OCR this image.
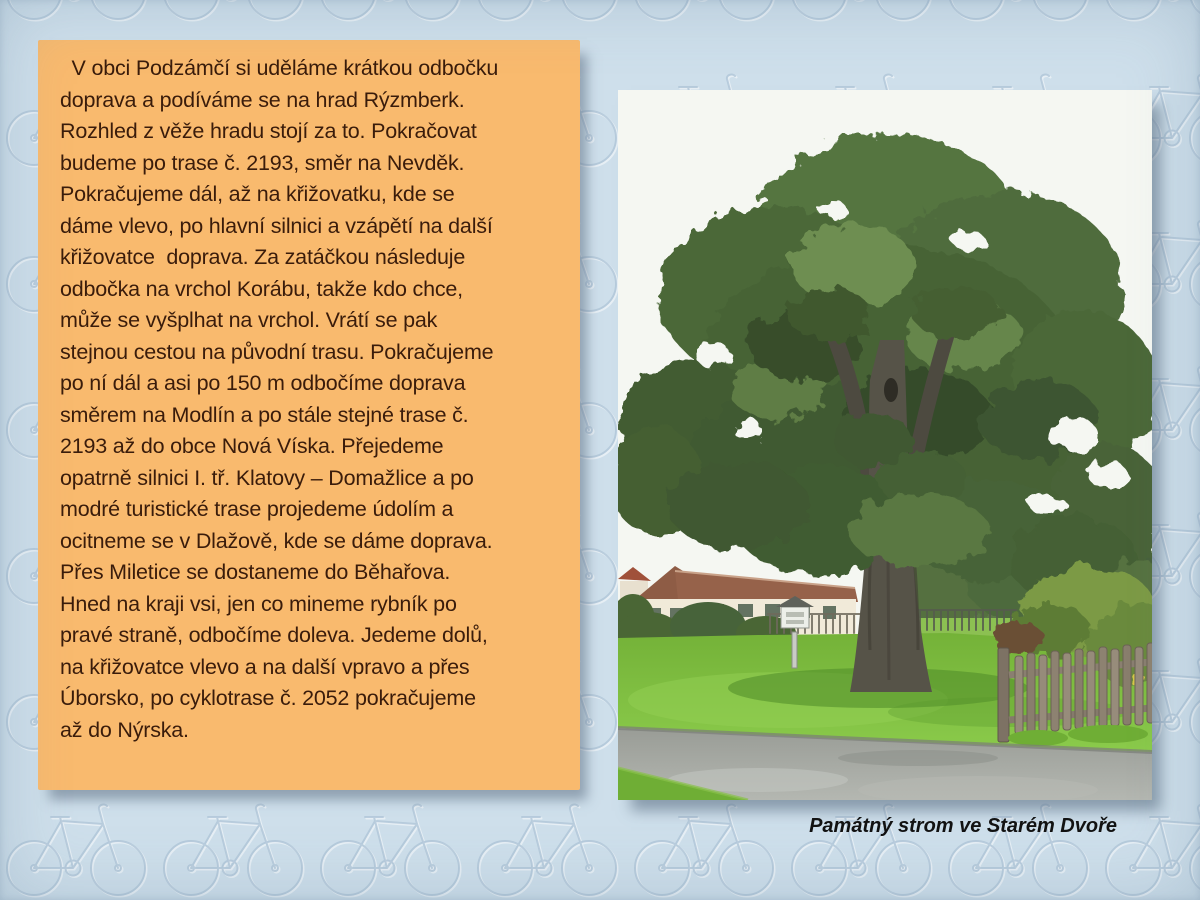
V obci Podzámčí si uděláme krátkou odbočku
doprava a podíváme se na hrad Rýzmberk.
Rozhled z věže hradu stojí za to. Pokračovat
budeme po trase č. 2193, směr na Nevděk.
Pokračujeme dál, až na křižovatku, kde se
dáme vlevo, po hlavní silnici a vzápětí na další
křižovatce  doprava. Za zatáčkou následuje
odbočka na vrchol Korábu, takže kdo chce,
může se vyšplhat na vrchol. Vrátí se pak
stejnou cestou na původní trasu. Pokračujeme
po ní dál a asi po 150 m odbočíme doprava
směrem na Modlín a po stále stejné trase č.
2193 až do obce Nová Víska. Přejedeme
opatrně silnici I. tř. Klatovy – Domažlice a po
modré turistické trase projedeme údolím a
ocitneme se v Dlažově, kde se dáme doprava.
Přes Miletice se dostaneme do Běhařova.
Hned na kraji vsi, jen co mineme rybník po
pravé straně, odbočíme doleva. Jedeme dolů,
na křižovatce vlevo a na další vpravo a přes
Úborsko, po cyklotrase č. 2052 pokračujeme
až do Nýrska.
Památný strom ve Starém Dvoře
